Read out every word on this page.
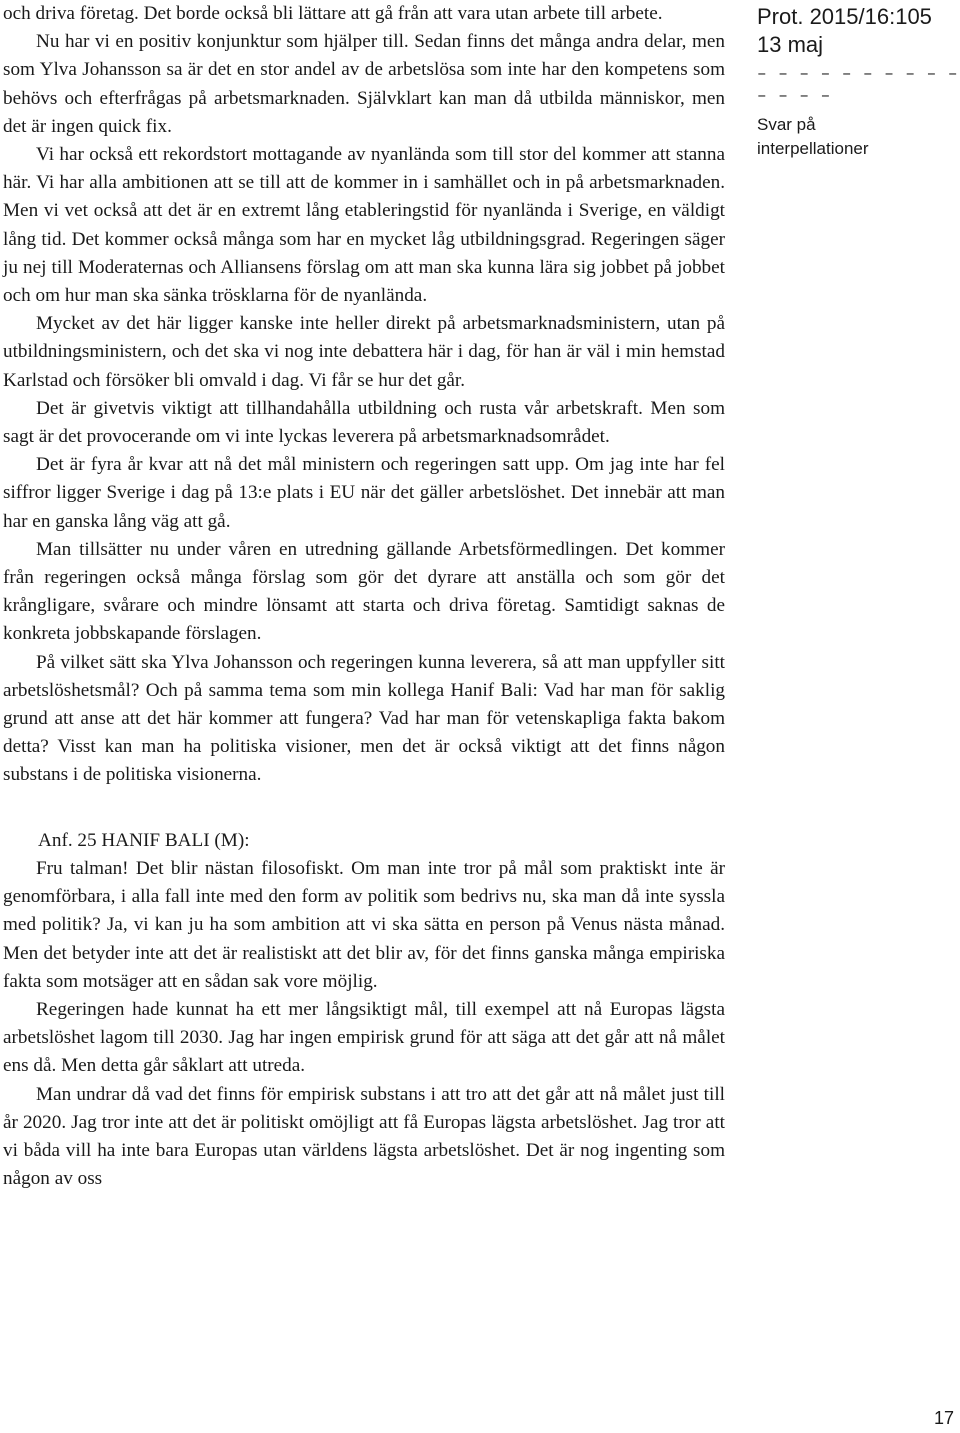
och driva företag. Det borde också bli lättare att gå från att vara utan arbete till arbete.

Nu har vi en positiv konjunktur som hjälper till. Sedan finns det många andra delar, men som Ylva Johansson sa är det en stor andel av de arbetslösa som inte har den kompetens som behövs och efterfrågas på arbetsmarknaden. Självklart kan man då utbilda människor, men det är ingen quick fix.

Vi har också ett rekordstort mottagande av nyanlända som till stor del kommer att stanna här. Vi har alla ambitionen att se till att de kommer in i samhället och in på arbetsmarknaden. Men vi vet också att det är en extremt lång etableringstid för nyanlända i Sverige, en väldigt lång tid. Det kommer också många som har en mycket låg utbildningsgrad. Regeringen säger ju nej till Moderaternas och Alliansens förslag om att man ska kunna lära sig jobbet på jobbet och om hur man ska sänka trösklarna för de nyanlända.

Mycket av det här ligger kanske inte heller direkt på arbetsmarknadsministern, utan på utbildningsministern, och det ska vi nog inte debattera här i dag, för han är väl i min hemstad Karlstad och försöker bli omvald i dag. Vi får se hur det går.

Det är givetvis viktigt att tillhandahålla utbildning och rusta vår arbetskraft. Men som sagt är det provocerande om vi inte lyckas leverera på arbetsmarknadsområdet.

Det är fyra år kvar att nå det mål ministern och regeringen satt upp. Om jag inte har fel siffror ligger Sverige i dag på 13:e plats i EU när det gäller arbetslöshet. Det innebär att man har en ganska lång väg att gå.

Man tillsätter nu under våren en utredning gällande Arbetsförmedlingen. Det kommer från regeringen också många förslag som gör det dyrare att anställa och som gör det krångligare, svårare och mindre lönsamt att starta och driva företag. Samtidigt saknas de konkreta jobbskapande förslagen.

På vilket sätt ska Ylva Johansson och regeringen kunna leverera, så att man uppfyller sitt arbetslöshetsmål? Och på samma tema som min kollega Hanif Bali: Vad har man för saklig grund att anse att det här kommer att fungera? Vad har man för vetenskapliga fakta bakom detta? Visst kan man ha politiska visioner, men det är också viktigt att det finns någon substans i de politiska visionerna.

Anf. 25 HANIF BALI (M):

Fru talman! Det blir nästan filosofiskt. Om man inte tror på mål som praktiskt inte är genomförbara, i alla fall inte med den form av politik som bedrivs nu, ska man då inte syssla med politik? Ja, vi kan ju ha som ambition att vi ska sätta en person på Venus nästa månad. Men det betyder inte att det är realistiskt att det blir av, för det finns ganska många empiriska fakta som motsäger att en sådan sak vore möjlig.

Regeringen hade kunnat ha ett mer långsiktigt mål, till exempel att nå Europas lägsta arbetslöshet lagom till 2030. Jag har ingen empirisk grund för att säga att det går att nå målet ens då. Men detta går såklart att utreda.

Man undrar då vad det finns för empirisk substans i att tro att det går att nå målet just till år 2020. Jag tror inte att det är politiskt omöjligt att få Europas lägsta arbetslöshet. Jag tror att vi båda vill ha inte bara Europas utan världens lägsta arbetslöshet. Det är nog ingenting som någon av oss

Prot. 2015/16:105
13 maj
– – – – – – – – – – – – – –
Svar på
interpellationer
17
